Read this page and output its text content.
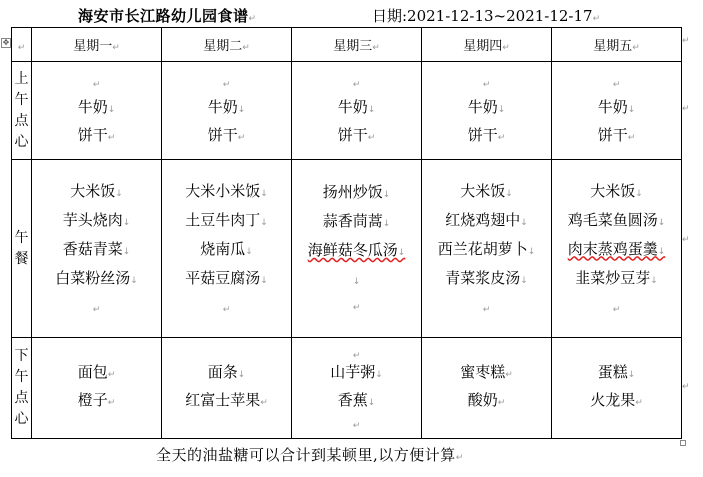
海安市长江路幼儿园食谱↵	日期:2021-12-13~2021-12-17↵
✥
↵	星期一↵	星期二↵	星期三↵	星期四↵	星期五↵

上
午
点
心	↵
牛奶↓
饼干↵	↵
牛奶↓
饼干↵	↵
牛奶↓
饼干↵	↵
牛奶↓
饼干↵	↵
牛奶↓
饼干↵

午
餐	大米饭↓
芋头烧肉↓
香菇青菜↓
白菜粉丝汤↓
↵	大米小米饭↓
土豆牛肉丁↓
烧南瓜↓
平菇豆腐汤↓
↵	扬州炒饭↓
蒜香茼蒿↓
海鲜菇冬瓜汤↓
↓
↵	大米饭↓
红烧鸡翅中↓
西兰花胡萝卜↓
青菜浆皮汤↓
↵	大米饭↓
鸡毛菜鱼圆汤↓
肉末蒸鸡蛋羹↓
韭菜炒豆芽↓
↵

下
午
点
心	面包↵
橙子↵	面条↓
红富士苹果↵	↵
山芋粥↓
香蕉↓
↵	蜜枣糕↵
酸奶↵	蛋糕↓
火龙果↵
↵
↵
↵
↵
全天的油盐糖可以合计到某顿里,以方便计算↵
